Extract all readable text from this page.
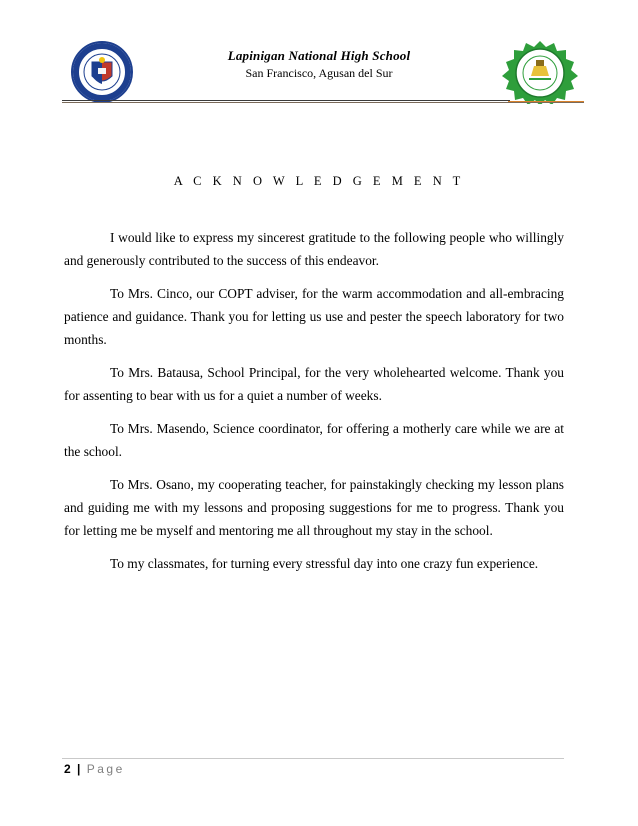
Lapinigan National High School
San Francisco, Agusan del Sur
A C K N O W L E D G E M E N T

I would like to express my sincerest gratitude to the following people who willingly and generously contributed to the success of this endeavor.

To Mrs. Cinco, our COPT adviser, for the warm accommodation and all-embracing patience and guidance. Thank you for letting us use and pester the speech laboratory for two months.

To Mrs. Batausa, School Principal, for the very wholehearted welcome. Thank you for assenting to bear with us for a quiet a number of weeks.

To Mrs. Masendo, Science coordinator, for offering a motherly care while we are at the school.

To Mrs. Osano, my cooperating teacher, for painstakingly checking my lesson plans and guiding me with my lessons and proposing suggestions for me to progress. Thank you for letting me be myself and mentoring me all throughout my stay in the school.

To my classmates, for turning every stressful day into one crazy fun experience.

2 | Page
